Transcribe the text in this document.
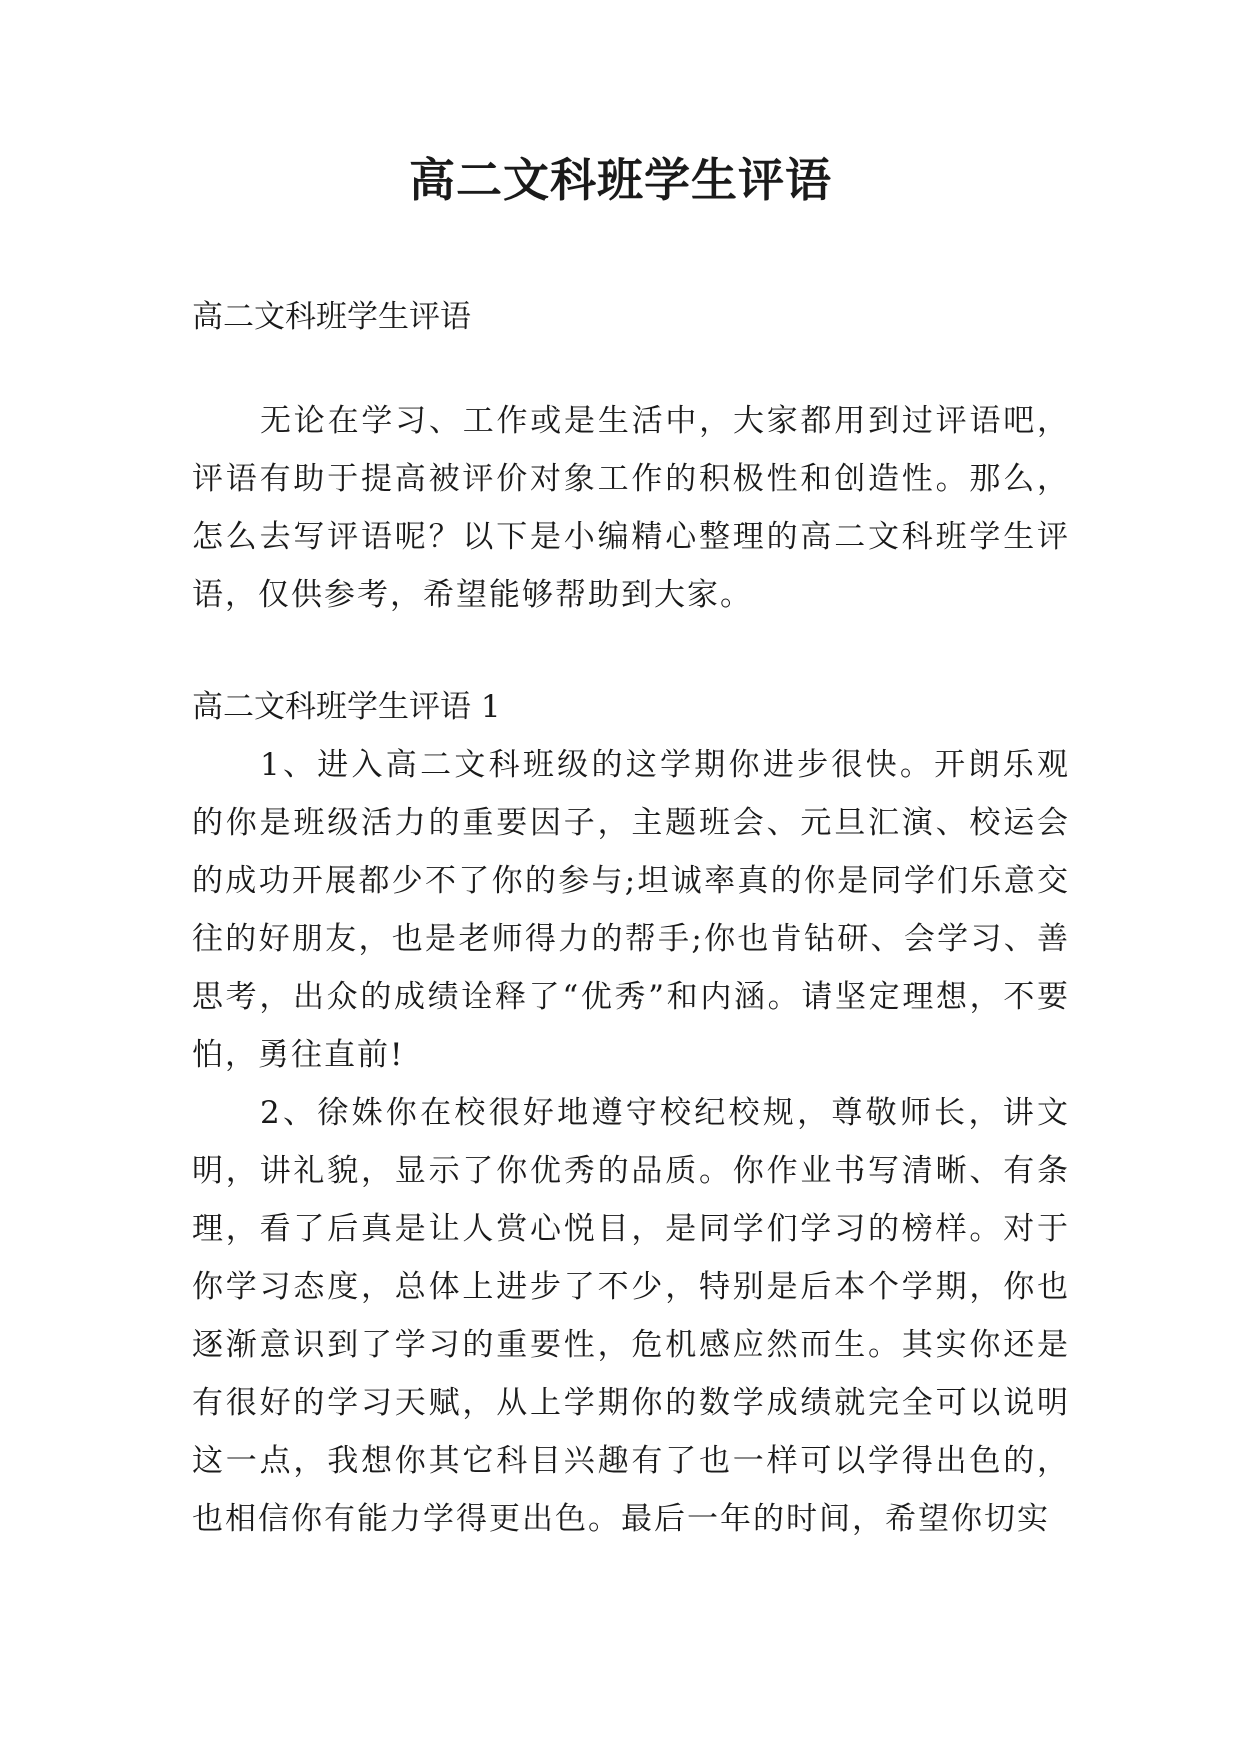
高二文科班学生评语

高二文科班学生评语

无论在学习、工作或是生活中，大家都用到过评语吧，评语有助于提高被评价对象工作的积极性和创造性。那么，怎么去写评语呢？以下是小编精心整理的高二文科班学生评语，仅供参考，希望能够帮助到大家。

高二文科班学生评语 1

1、进入高二文科班级的这学期你进步很快。开朗乐观的你是班级活力的重要因子，主题班会、元旦汇演、校运会的成功开展都少不了你的参与;坦诚率真的你是同学们乐意交往的好朋友，也是老师得力的帮手;你也肯钻研、会学习、善思考，出众的成绩诠释了“优秀”和内涵。请坚定理想，不要怕，勇往直前!

2、徐姝你在校很好地遵守校纪校规，尊敬师长，讲文明，讲礼貌，显示了你优秀的品质。你作业书写清晰、有条理，看了后真是让人赏心悦目，是同学们学习的榜样。对于你学习态度，总体上进步了不少，特别是后本个学期，你也逐渐意识到了学习的重要性，危机感应然而生。其实你还是有很好的学习天赋，从上学期你的数学成绩就完全可以说明这一点，我想你其它科目兴趣有了也一样可以学得出色的，也相信你有能力学得更出色。最后一年的时间，希望你切实
